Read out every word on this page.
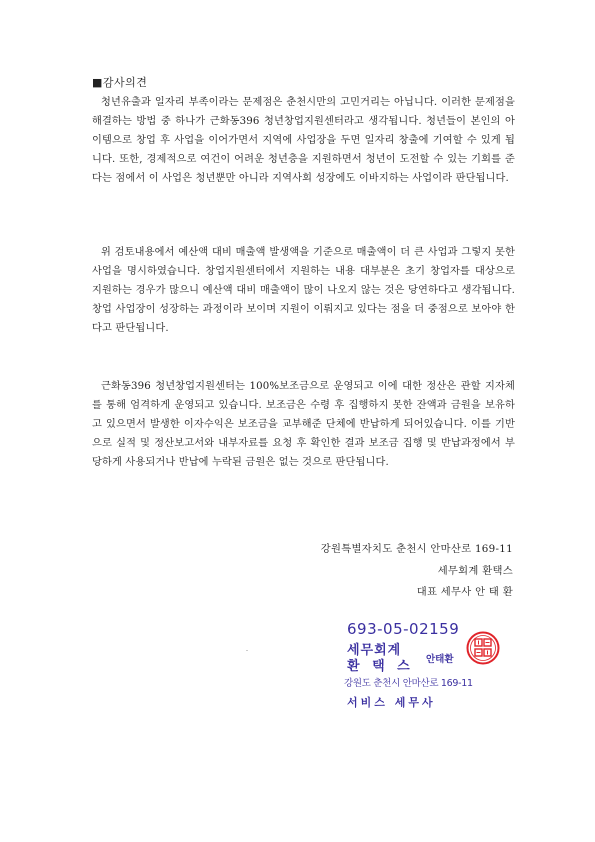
■감사의견

청년유출과 일자리 부족이라는 문제점은 춘천시만의 고민거리는 아닙니다. 이러한 문제점을 해결하는 방법 중 하나가 근화동396 청년창업지원센터라고 생각됩니다. 청년들이 본인의 아이템으로 창업 후 사업을 이어가면서 지역에 사업장을 두면 일자리 창출에 기여할 수 있게 됩니다. 또한, 경제적으로 여건이 어려운 청년층을 지원하면서 청년이 도전할 수 있는 기회를 준다는 점에서 이 사업은 청년뿐만 아니라 지역사회 성장에도 이바지하는 사업이라 판단됩니다.

위 검토내용에서 예산액 대비 매출액 발생액을 기준으로 매출액이 더 큰 사업과 그렇지 못한 사업을 명시하였습니다. 창업지원센터에서 지원하는 내용 대부분은 초기 창업자를 대상으로 지원하는 경우가 많으니 예산액 대비 매출액이 많이 나오지 않는 것은 당연하다고 생각됩니다. 창업 사업장이 성장하는 과정이라 보이며 지원이 이뤄지고 있다는 점을 더 중점으로 보아야 한다고 판단됩니다.

근화동396 청년창업지원센터는 100%보조금으로 운영되고 이에 대한 정산은 관할 지자체를 통해 엄격하게 운영되고 있습니다. 보조금은 수령 후 집행하지 못한 잔액과 금원을 보유하고 있으면서 발생한 이자수익은 보조금을 교부해준 단체에 반납하게 되어있습니다. 이를 기반으로 실적 및 정산보고서와 내부자료를 요청 후 확인한 결과 보조금 집행 및 반납과정에서 부당하게 사용되거나 반납에 누락된 금원은 없는 것으로 판단됩니다.

강원특별자치도 춘천시 안마산로 169-11
세무회계 환택스
대표 세무사 안 태 환
693-05-02159
세무회계
환 택 스 안태환
강원도 춘천시 안마산로 169-11
서비스 세무사
